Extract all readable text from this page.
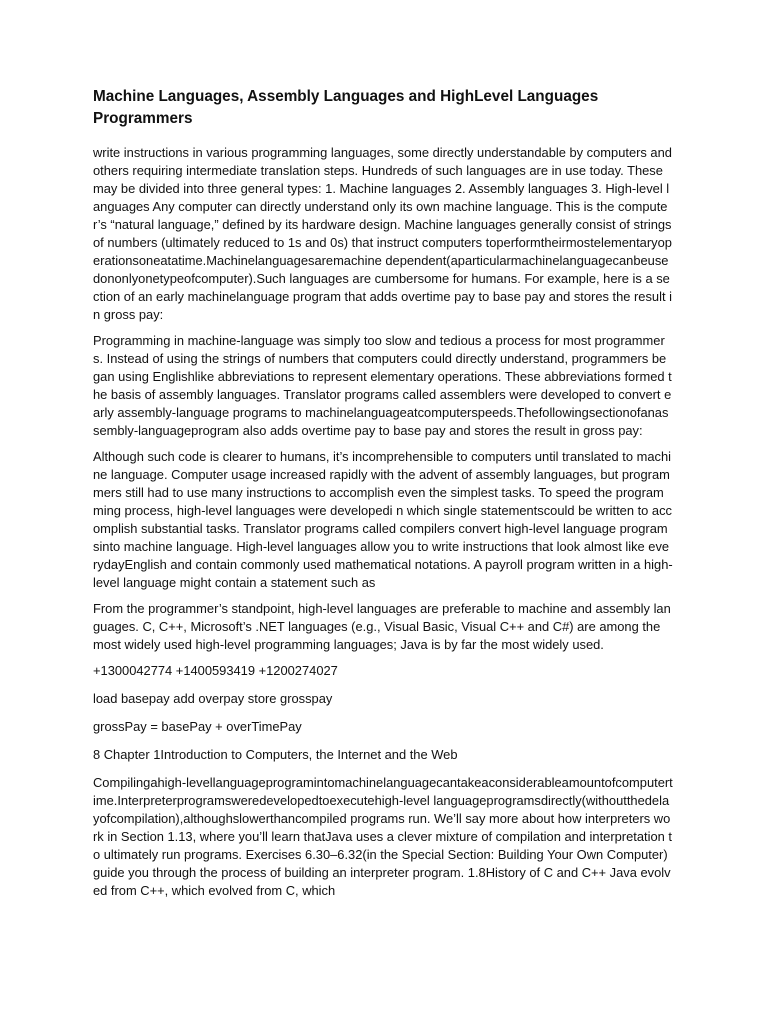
Machine Languages, Assembly Languages and HighLevel Languages Programmers

write instructions in various programming languages, some directly understandable by computers and others requiring intermediate translation steps. Hundreds of such languages are in use today. These may be divided into three general types: 1. Machine languages 2. Assembly languages 3. High-level languages Any computer can directly understand only its own machine language. This is the computer’s “natural language,” defined by its hardware design. Machine languages generally consist of strings of numbers (ultimately reduced to 1s and 0s) that instruct computers toperformtheirmostelementaryoperationsoneatatime.Machinelanguagesaremachine dependent(aparticularmachinelanguagecanbeusedononlyonetypeofcomputer).Such languages are cumbersome for humans. For example, here is a section of an early machinelanguage program that adds overtime pay to base pay and stores the result in gross pay:

Programming in machine-language was simply too slow and tedious a process for most programmers. Instead of using the strings of numbers that computers could directly understand, programmers began using Englishlike abbreviations to represent elementary operations. These abbreviations formed the basis of assembly languages. Translator programs called assemblers were developed to convert early assembly-language programs to machinelanguageatcomputerspeeds.Thefollowingsectionofanassembly-languageprogram also adds overtime pay to base pay and stores the result in gross pay:

Although such code is clearer to humans, it’s incomprehensible to computers until translated to machine language. Computer usage increased rapidly with the advent of assembly languages, but programmers still had to use many instructions to accomplish even the simplest tasks. To speed the programming process, high-level languages were developedi n which single statementscould be written to accomplish substantial tasks. Translator programs called compilers convert high-level language programsinto machine language. High-level languages allow you to write instructions that look almost like everydayEnglish and contain commonly used mathematical notations. A payroll program written in a high-level language might contain a statement such as

From the programmer’s standpoint, high-level languages are preferable to machine and assembly languages. C, C++, Microsoft’s .NET languages (e.g., Visual Basic, Visual C++ and C#) are among the most widely used high-level programming languages; Java is by far the most widely used.

+1300042774 +1400593419 +1200274027

load basepay add overpay store grosspay

grossPay = basePay + overTimePay

8 Chapter 1Introduction to Computers, the Internet and the Web

Compilingahigh-levellanguageprogramintomachinelanguagecantakeaconsiderableamountofcomputertime.Interpreterprogramsweredevelopedtoexecutehigh-level languageprogramsdirectly(withoutthedelayofcompilation),althoughslowerthancompiled programs run. We’ll say more about how interpreters work in Section 1.13, where you’ll learn thatJava uses a clever mixture of compilation and interpretation to ultimately run programs. Exercises 6.30–6.32(in the Special Section: Building Your Own Computer) guide you through the process of building an interpreter program. 1.8History of C and C++ Java evolved from C++, which evolved from C, which
